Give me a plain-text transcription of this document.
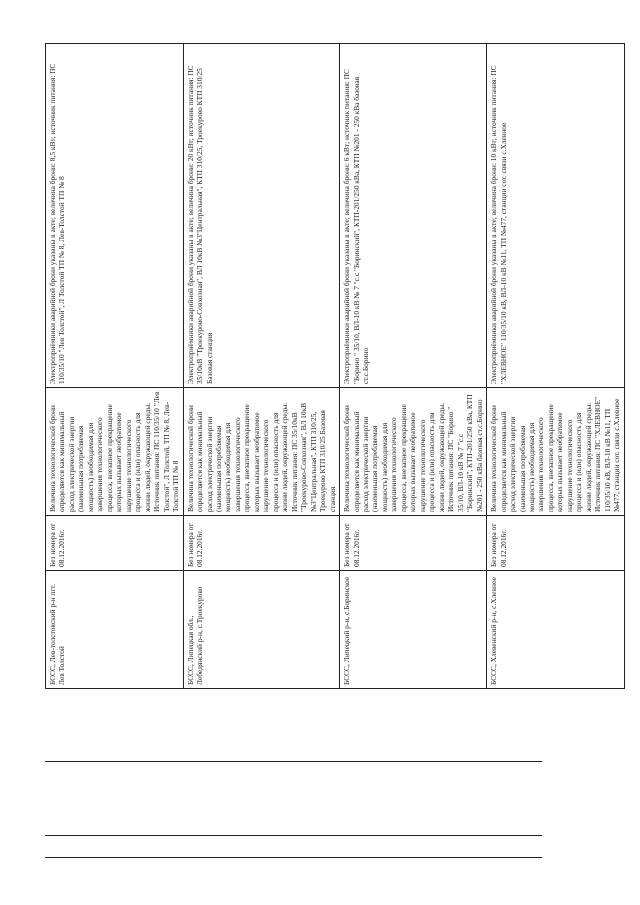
БССС, Лев-толстовский р-н пгт. Лев Толстой	Без номера от 08.12.2016г.	Величина технологической брони определяется как минимальный расход электрической энергии (наименьшая потребляемая мощность) необходимая для завершения технологического процесса, внезапное прекращение которых вызывает необратимое нарушение технологического процесса и (или) опасность для жизни людей, окружающей среды. Источник питания: ПС 110/35/10 "Лев Толстой", Л Толстой, ТП № 8, Лев-Толстой ТП № 8	Электроприёмники аварийной брони указаны в акте; величина брони: 8,5 кВт; источник питания: ПС 110/35/10 "Лев Толстой", Л Толстой ТП № 8, Лев-Толстой ТП № 8
БССС, Липецкая обл., Лебедянский р-н, с.Троекурово	Без номера от 08.12.2016г.	Величина технологической брони определяется как минимальный расход электрической энергии (наименьшая потребляемая мощность) необходимая для завершения технологического процесса, внезапное прекращение которых вызывает необратимое нарушение технологического процесса и (или) опасность для жизни людей, окружающей среды. Источник питания: ПС 35/10кВ "Троекурово-Совхозная", ВЛ 10кВ №3"Центральная", КТП 310/25, Троекурово КТП 310/25 Базовая станция	Электроприёмники аварийной брони указаны в акте; величина брони: 20 кВт; источник питания: ПС 35/10кВ "Троекурово-Совхозная", ВЛ 10кВ №3"Центральная", КТП 310/25, Троекурово КТП 310/25 Базовая станция
БССС, Липецкий р-н, с.Боринское	Без номера от 08.12.2016г.	Величина технологической брони определяется как минимальный расход электрической энергии (наименьшая потребляемая мощность) необходимая для завершения технологического процесса, внезапное прекращение которых вызывает необратимое нарушение технологического процесса и (или) опасность для жизни людей, окружающей среды. Источник питания: ПС "Борино " 35/10, ВЛ-10 кВ № 7 "с.с "Боринский", КТП-201/250 кВа, КТП №201 - 250 кВа базовая ст.с.Борино	Электроприёмники аварийной брони указаны в акте; величина брони: 6 кВт; источник питания: ПС "Борино " 35/10, ВЛ-10 кВ № 7 "с.с "Боринский", КТП-201/250 кВа, КТП №201 - 250 кВа базовая ст.с.Борино
БССС, Хлевенский р-н, с.Хлевное	Без номера от 08.12.2016г.	Величина технологической брони определяется как минимальный расход электрической энергии (наименьшая потребляемая мощность) необходимая для завершения технологического процесса, внезапное прекращение которых вызывает необратимое нарушение технологического процесса и (или) опасность для жизни людей, окружающей среды. Источник питания: ПС "ХЛЕВНОЕ" 110/35/10 кВ, ВЛ-10 кВ №11, ТП №477, станции сот. связи с.Хлевное	Электроприёмники аварийной брони указаны в акте; величина брони: 10 кВт; источник питания: ПС "ХЛЕВНОЕ" 110/35/10 кВ, ВЛ-10 кВ №11, ТП №477, станции сот. связи с.Хлевное
